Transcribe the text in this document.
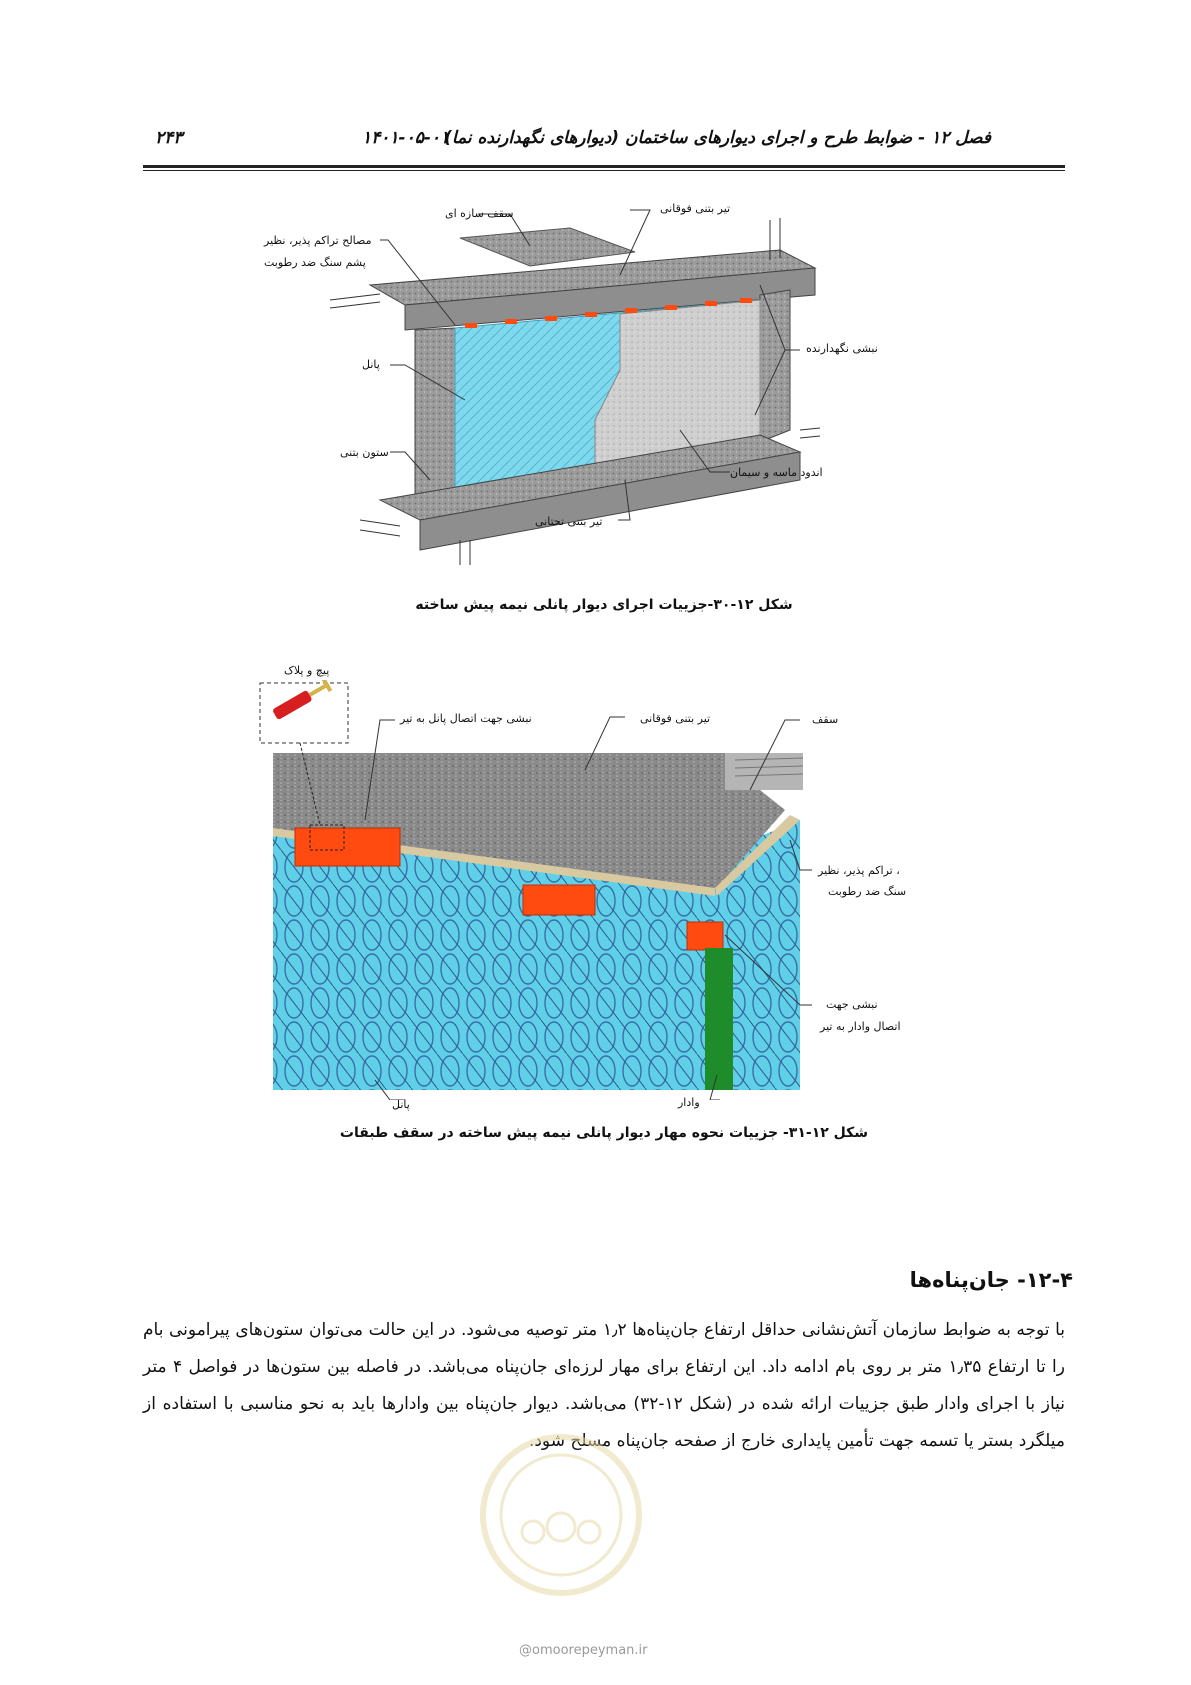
فصل ۱۲ - ضوابط طرح و اجرای دیوارهای ساختمان (دیوارهای نگهدارنده نما)
۱۴۰۱-۰۵-۰۱
۲۴۳
سقف سازه ای	تیر بتنی فوقانی
مصالح تراکم پذیر، نظیر
پشم سنگ ضد رطوبت
نبشی نگهدارنده
پانل
ستون بتنی
اندود ماسه و سیمان
تیر بتنی تحتانی
شکل ۱۲-۳۰-جزییات اجرای دیوار پانلی نیمه پیش ساخته
پیچ و پلاک
نبشی جهت اتصال پانل به تیر	تیر بتنی فوقانی	سقف
، تراکم پذیر، نظیر
سنگ ضد رطوبت
نبشی جهت
اتصال وادار به تیر
پانل	وادار
شکل ۱۲-۳۱- جزییات نحوه مهار دیوار پانلی نیمه پیش ساخته در سقف طبقات
۱۲-۴- جان‌پناه‌ها
با توجه به ضوابط سازمان آتش‌نشانی حداقل ارتفاع جان‌پناه‌ها ۱٫۲ متر توصیه می‌شود. در این حالت می‌توان ستون‌های پیرامونی بام را تا ارتفاع ۱٫۳۵ متر بر روی بام ادامه داد. این ارتفاع برای مهار لرزه‌ای جان‌پناه می‌باشد. در فاصله بین ستون‌ها در فواصل ۴ متر نیاز با اجرای وادار طبق جزییات ارائه شده در (شکل ۱۲-۳۲) می‌باشد. دیوار جان‌پناه بین وادارها باید به نحو مناسبی با استفاده از میلگرد بستر یا تسمه جهت تأمین پایداری خارج از صفحه جان‌پناه مسلح شود.
@omoorepeyman.ir
